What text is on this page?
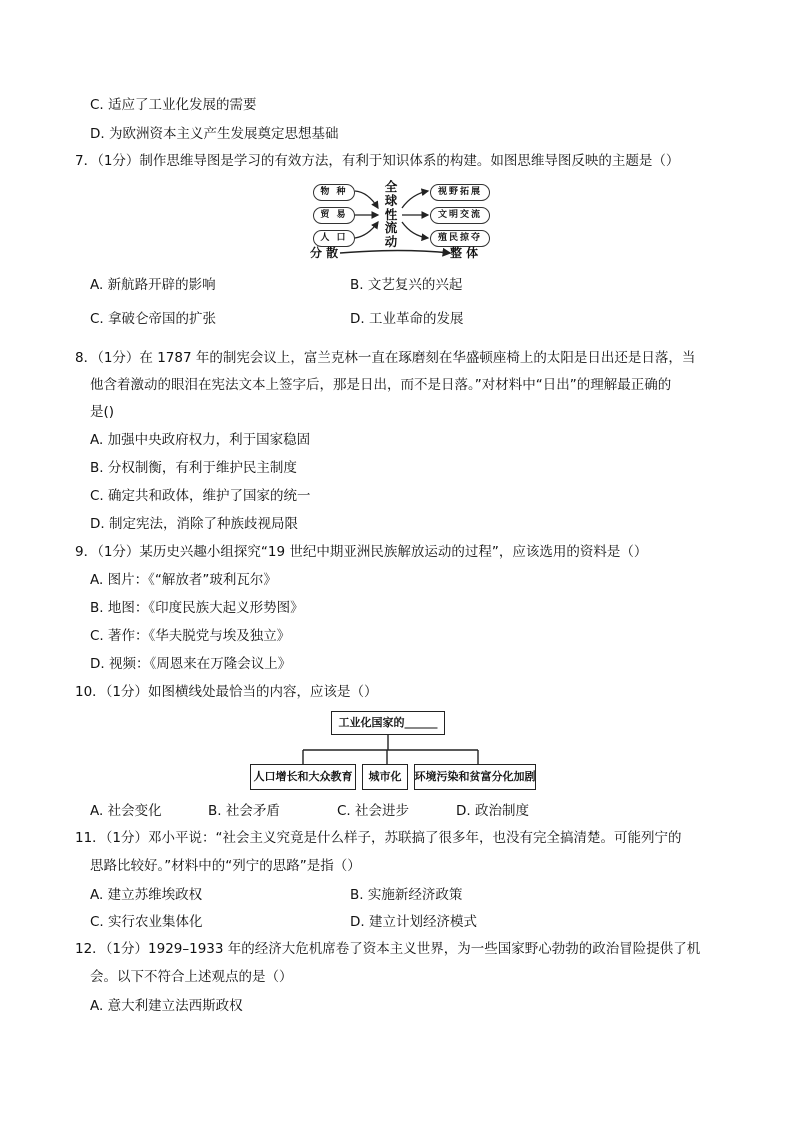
C. 适应了工业化发展的需要
D. 为欧洲资本主义产生发展奠定思想基础
7．（1分）制作思维导图是学习的有效方法，有利于知识体系的构建。如图思维导图反映的主题是（）
物 种
贸 易
人 口
全球性流动
视野拓展
文明交流
殖民掠夺
分 散	整 体
A. 新航路开辟的影响	B. 文艺复兴的兴起
C. 拿破仑帝国的扩张	D. 工业革命的发展
8．（1分）在 1787 年的制宪会议上，富兰克林一直在琢磨刻在华盛顿座椅上的太阳是日出还是日落，当
他含着激动的眼泪在宪法文本上签字后，那是日出，而不是日落。”对材料中“日出”的理解最正确的
是()
A. 加强中央政府权力，利于国家稳固
B. 分权制衡，有利于维护民主制度
C. 确定共和政体，维护了国家的统一
D. 制定宪法，消除了种族歧视局限
9．（1分）某历史兴趣小组探究“19 世纪中期亚洲民族解放运动的过程”，应该选用的资料是（）
A. 图片：《“解放者”玻利瓦尔》
B. 地图：《印度民族大起义形势图》
C. 著作：《华夫脱党与埃及独立》
D. 视频：《周恩来在万隆会议上》
10．（1分）如图横线处最恰当的内容，应该是（）
工业化国家的______
人口增长和大众教育	城市化	环境污染和贫富分化加剧
A. 社会变化	B. 社会矛盾	C. 社会进步	D. 政治制度
11．（1分）邓小平说：“社会主义究竟是什么样子，苏联搞了很多年，也没有完全搞清楚。可能列宁的
思路比较好。”材料中的“列宁的思路”是指（）
A. 建立苏维埃政权	B. 实施新经济政策
C. 实行农业集体化	D. 建立计划经济模式
12．（1分）1929–1933 年的经济大危机席卷了资本主义世界，为一些国家野心勃勃的政治冒险提供了机
会。以下不符合上述观点的是（）
A. 意大利建立法西斯政权
